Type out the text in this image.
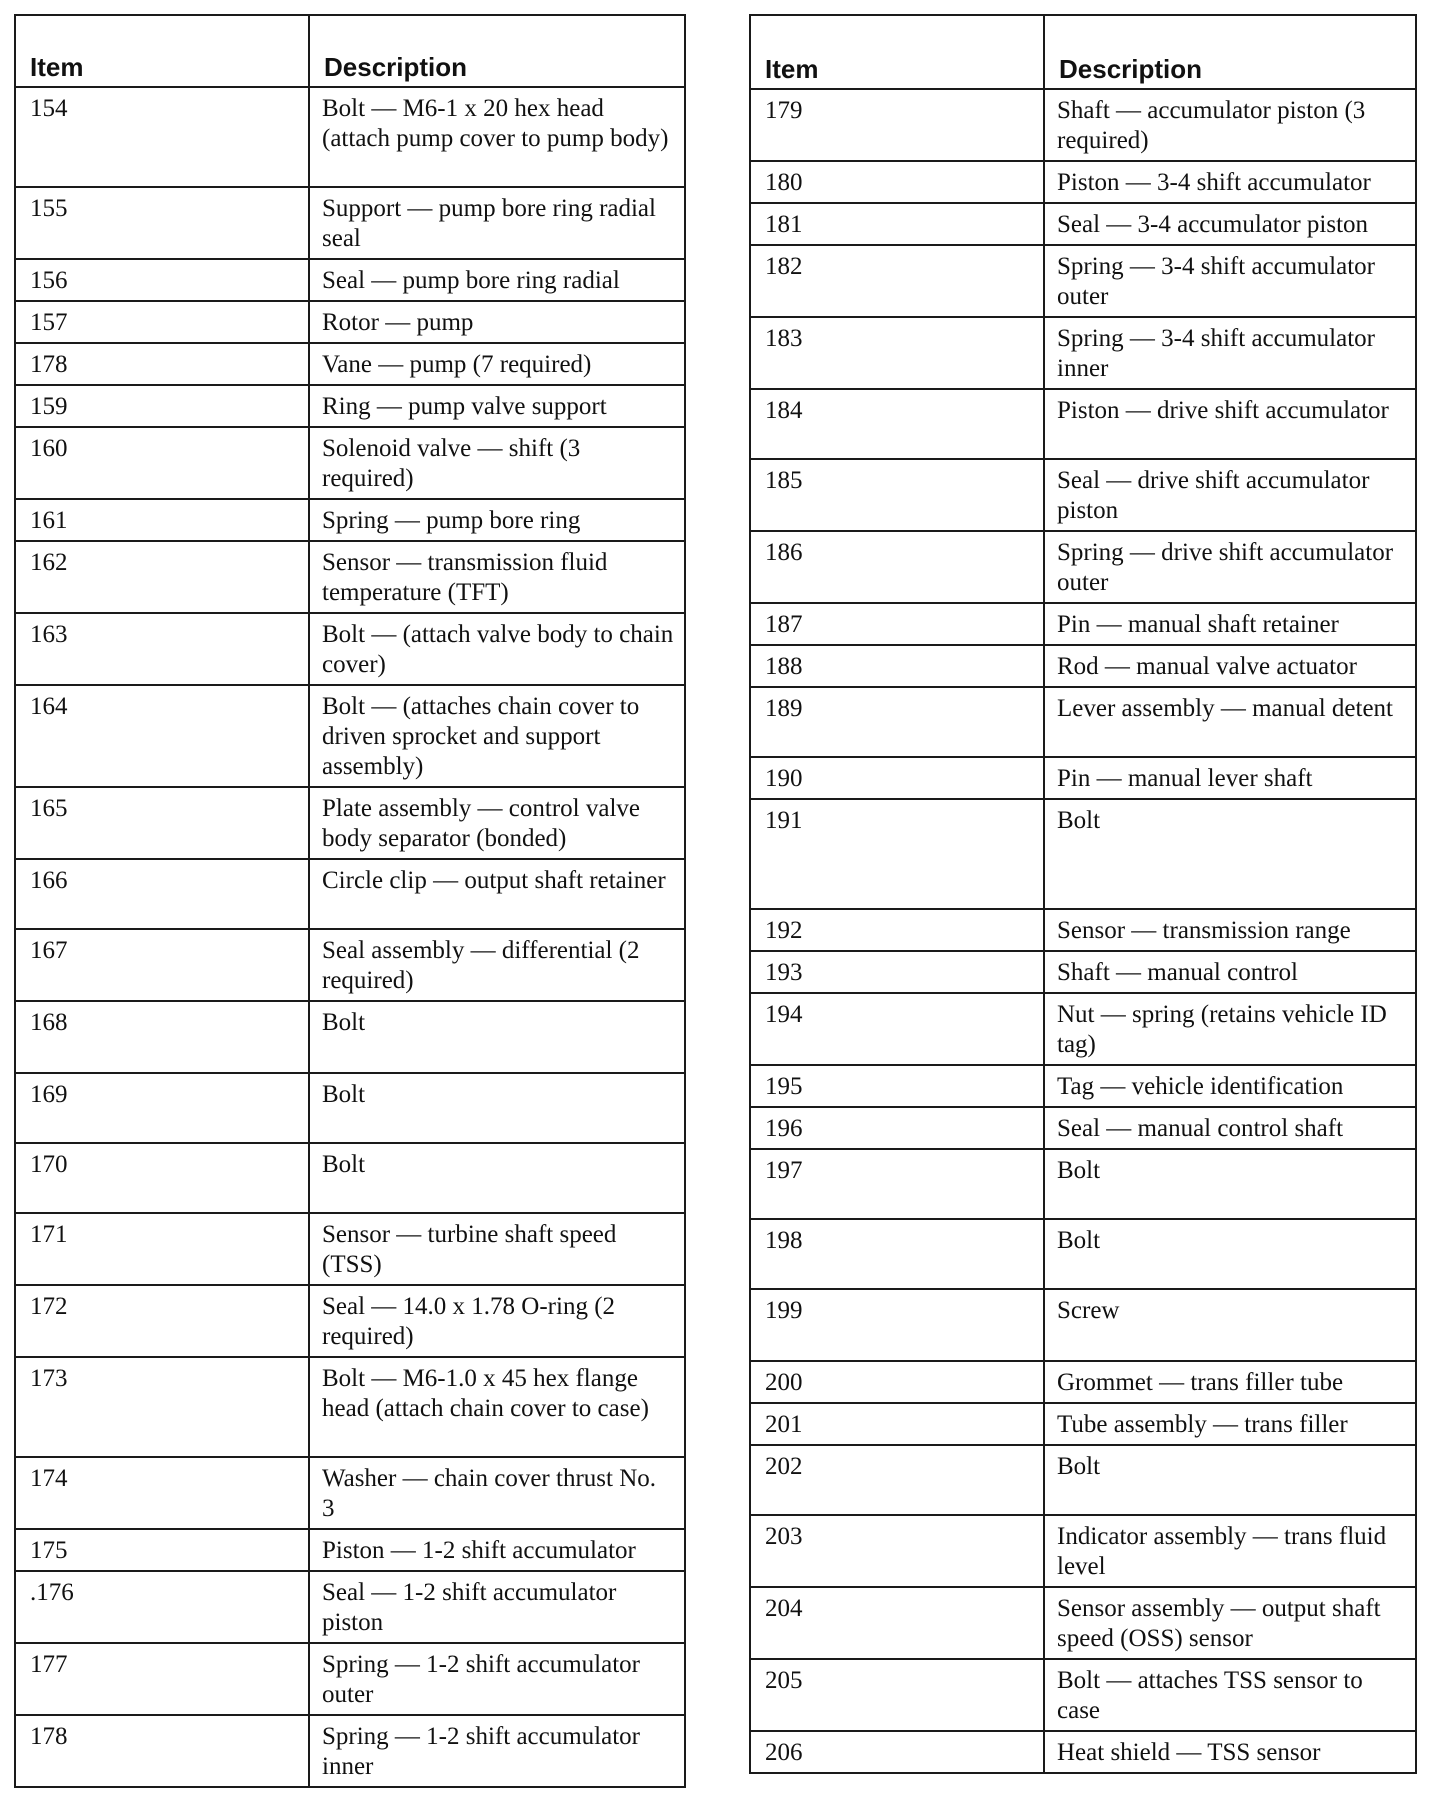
Item	Description
154	Bolt — M6-1 x 20 hex head (attach pump cover to pump body)
155	Support — pump bore ring radial seal
156	Seal — pump bore ring radial
157	Rotor — pump
178	Vane — pump (7 required)
159	Ring — pump valve support
160	Solenoid valve — shift (3 required)
161	Spring — pump bore ring
162	Sensor — transmission fluid temperature (TFT)
163	Bolt — (attach valve body to chain cover)
164	Bolt — (attaches chain cover to driven sprocket and support assembly)
165	Plate assembly — control valve body separator (bonded)
166	Circle clip — output shaft retainer
167	Seal assembly — differential (2 required)
168	Bolt
169	Bolt
170	Bolt
171	Sensor — turbine shaft speed (TSS)
172	Seal — 14.0 x 1.78 O-ring (2 required)
173	Bolt — M6-1.0 x 45 hex flange head (attach chain cover to case)
174	Washer — chain cover thrust No. 3
175	Piston — 1-2 shift accumulator
.176	Seal — 1-2 shift accumulator piston
177	Spring — 1-2 shift accumulator outer
178	Spring — 1-2 shift accumulator inner
Item	Description
179	Shaft — accumulator piston (3 required)
180	Piston — 3-4 shift accumulator
181	Seal — 3-4 accumulator piston
182	Spring — 3-4 shift accumulator outer
183	Spring — 3-4 shift accumulator inner
184	Piston — drive shift accumulator
185	Seal — drive shift accumulator piston
186	Spring — drive shift accumulator outer
187	Pin — manual shaft retainer
188	Rod — manual valve actuator
189	Lever assembly — manual detent
190	Pin — manual lever shaft
191	Bolt
192	Sensor — transmission range
193	Shaft — manual control
194	Nut — spring (retains vehicle ID tag)
195	Tag — vehicle identification
196	Seal — manual control shaft
197	Bolt
198	Bolt
199	Screw
200	Grommet — trans filler tube
201	Tube assembly — trans filler
202	Bolt
203	Indicator assembly — trans fluid level
204	Sensor assembly — output shaft speed (OSS) sensor
205	Bolt — attaches TSS sensor to case
206	Heat shield — TSS sensor
